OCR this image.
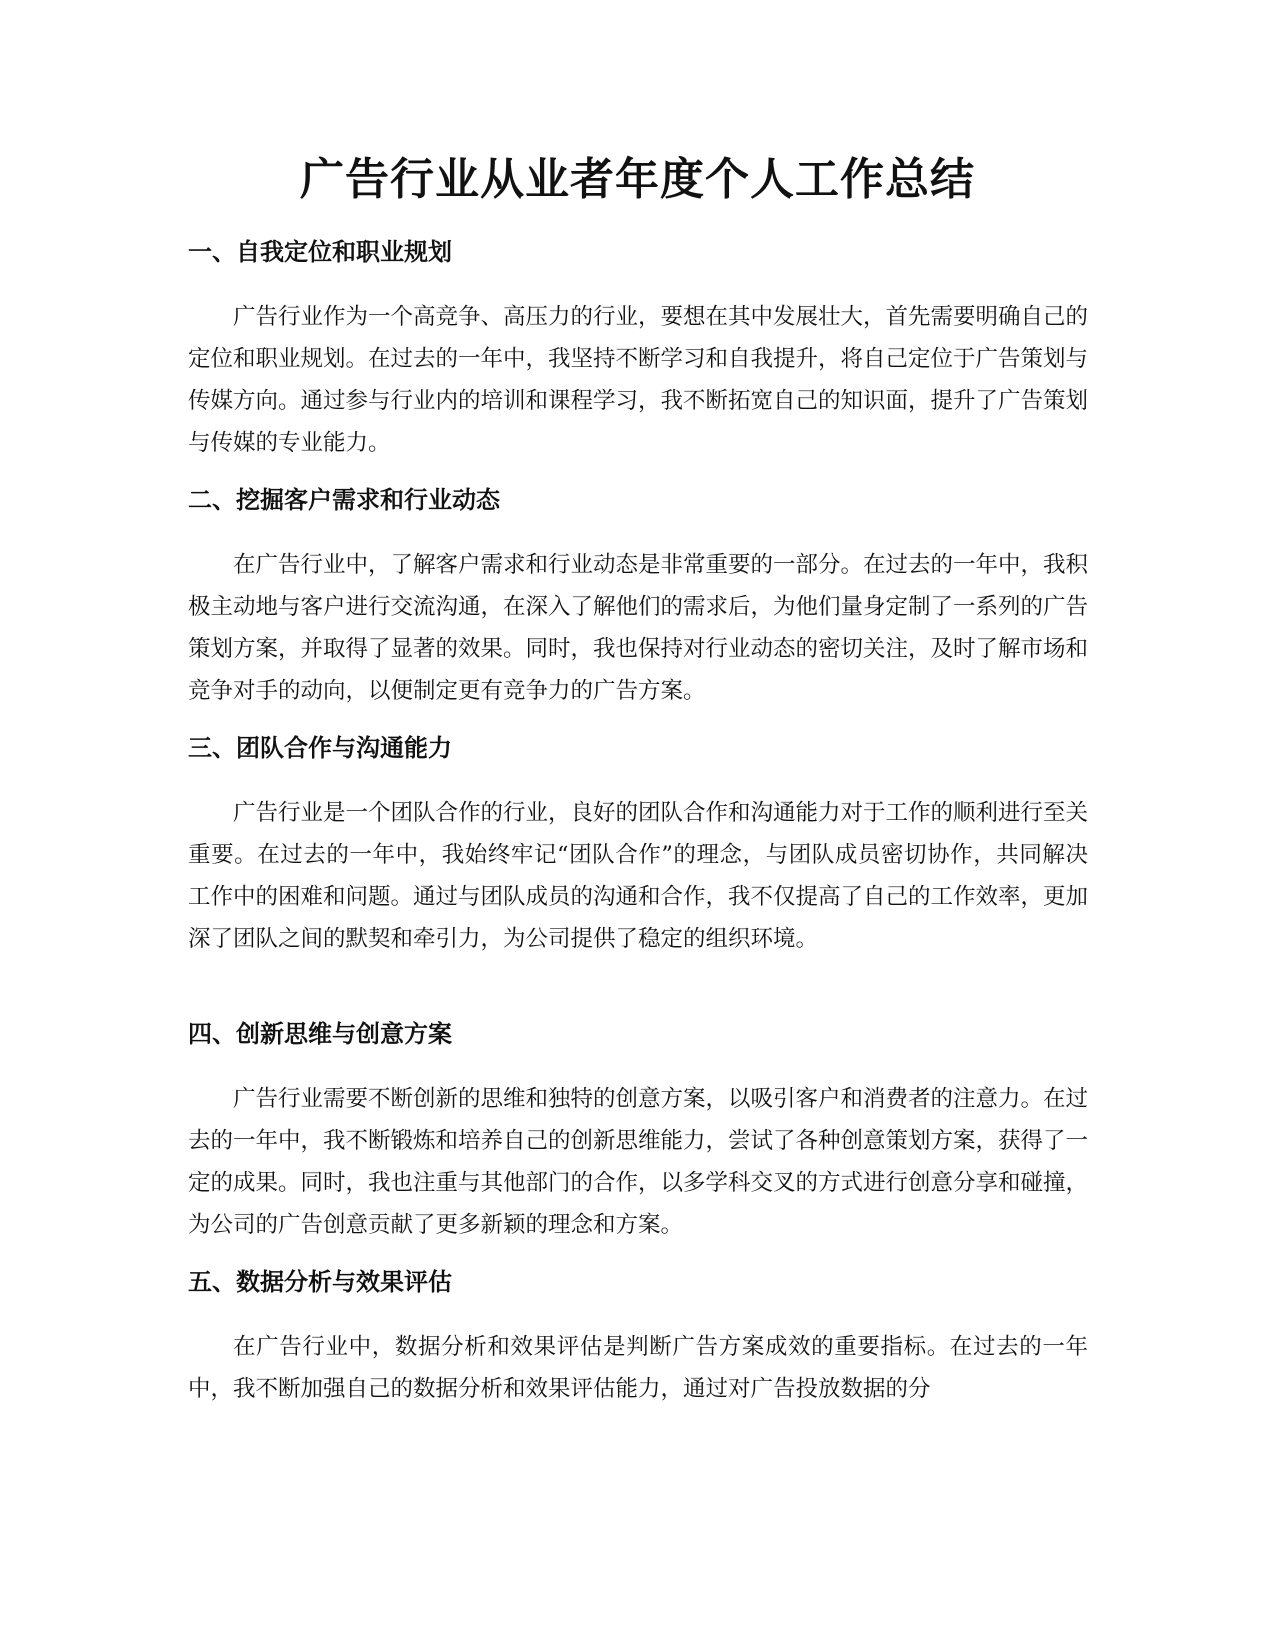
广告行业从业者年度个人工作总结
一、自我定位和职业规划

广告行业作为一个高竞争、高压力的行业，要想在其中发展壮大，首先需要明确自己的定位和职业规划。在过去的一年中，我坚持不断学习和自我提升，将自己定位于广告策划与传媒方向。通过参与行业内的培训和课程学习，我不断拓宽自己的知识面，提升了广告策划与传媒的专业能力。

二、挖掘客户需求和行业动态

在广告行业中，了解客户需求和行业动态是非常重要的一部分。在过去的一年中，我积极主动地与客户进行交流沟通，在深入了解他们的需求后，为他们量身定制了一系列的广告策划方案，并取得了显著的效果。同时，我也保持对行业动态的密切关注，及时了解市场和竞争对手的动向，以便制定更有竞争力的广告方案。

三、团队合作与沟通能力

广告行业是一个团队合作的行业，良好的团队合作和沟通能力对于工作的顺利进行至关重要。在过去的一年中，我始终牢记“团队合作”的理念，与团队成员密切协作，共同解决工作中的困难和问题。通过与团队成员的沟通和合作，我不仅提高了自己的工作效率，更加深了团队之间的默契和牵引力，为公司提供了稳定的组织环境。

四、创新思维与创意方案

广告行业需要不断创新的思维和独特的创意方案，以吸引客户和消费者的注意力。在过去的一年中，我不断锻炼和培养自己的创新思维能力，尝试了各种创意策划方案，获得了一定的成果。同时，我也注重与其他部门的合作，以多学科交叉的方式进行创意分享和碰撞，为公司的广告创意贡献了更多新颖的理念和方案。

五、数据分析与效果评估

在广告行业中，数据分析和效果评估是判断广告方案成效的重要指标。在过去的一年中，我不断加强自己的数据分析和效果评估能力，通过对广告投放数据的分
